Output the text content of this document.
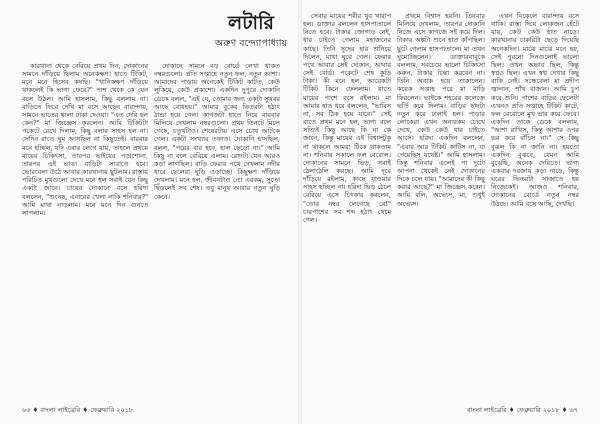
কারখানা থেকে বেরিয়ে প্রথম দিন, দোকানের সামনে দাঁড়িয়ে ছিলাম অনেকক্ষণ। হাতে টিকিট, মনে মনে হিসেব কষছি। "খানিকক্ষণ দাঁড়িয়ে থাকলেই কি ভাগ্য ফেরে?" পাশ থেকে কে যেন বলে উঠল। আমি হাসলাম, কিছু বললাম না। বাড়িতে ফিরে দেখি মা বসে আছেন বারান্দায়, সামনে ভাতের থালা ঢাকা দেওয়া। "এত দেরি হল কেন?" মা জিজ্ঞেস করলেন। আমি টিকিটটা পকেটে রেখে দিলাম, কিছু বলার সাহস হল না। সেদিন রাতে ঘুম আসছিল না কিছুতেই। বারবার মনে হচ্ছিল, যদি এবার লেগে যায়, তাহলে প্রথমে মায়ের চিকিৎসা, তারপর ভাইয়ের পড়াশোনা, তারপর এই ভাঙা বাড়িটা সারাতে হবে। ভোরবেলা উঠে আবার কারখানায় ছুটলাম। রাস্তায় পরিচিত মুখগুলো দেখে মনে হল সবাই যেন কিছু একটা জানে। চায়ের দোকানে বসে হরিদা বললেন, "শুনেছ, এবারের খেলা নাকি শনিবার?" আমি মাথা নাড়লাম। মনে মনে দিন গুনতে লাগলাম।

দোকানে সামনে বড় বোর্ডে লেখা থাকত নম্বরগুলো। প্রতি সপ্তাহে নতুন ফল, নতুন আশা। আমাদের পাড়ায় অনেকেই টিকিট কাটত, কেউ লুকিয়ে, কেউ প্রকাশ্যে। একদিন দুপুরে দোকানি ডেকে বলল, "এই যে, তোমার জন্য একটা সুখবর আছে বোধহয়।" আমার বুকের ভিতরটা হঠাৎ ঠান্ডা হয়ে গেল। কাগজটা হাতে নিয়ে বারবার মিলিয়ে দেখলাম নম্বরগুলো। প্রথম তিনটে মিলে গেছে, চতুর্থটাও। শেষেরটায় এসে চোখ আটকে গেল। একটা সংখ্যার তফাত। দোকানি হাসছিল, বলল, "পরের বার হবে, হাল ছেড়ো না।" আমি কিছু না বলে বেরিয়ে এলাম। রোদটা যেন আরও কড়া লাগছিল। বাড়ি ফেরার পথে দেখলাম নদীর ধারে ছেলেরা ঘুড়ি ওড়াচ্ছে। কিছুক্ষণ দাঁড়িয়ে দেখলাম। মনে হল, জীবনটাও তো এরকম, সুতো ছিঁড়লেই সব শেষ। তবু মানুষ আবার নতুন ঘুড়ি কেনে।

৬৬ ♦ বাংলা লাইব্রেরি ♦ ফেব্রুয়ারি ২০১৮

সেবার মায়ের শরীর খুব খারাপ হল। ডাক্তার বললেন হাসপাতালে নিতে হবে। টাকার জোগাড় নেই, ধার চাইতে গেলাম মহাজনের কাছে। তিনি সুদের হার শুনিয়ে দিলেন, মাথা ঘুরে গেল। ফেরার পথে আবার সেই দোকান, আবার সেই বোর্ড। পকেটে শেষ কুড়ি টাকা। কী মনে হল, আরেকটা টিকিট কিনে ফেললাম। রাতে মায়ের পাশে বসে রইলাম। মা আমার হাত ধরে বললেন, "ভাবিস না, সব ঠিক হয়ে যাবে।" সেই রাতে প্রথম মনে হল, ভাগ্য বলে সত্যিই কিছু আছে কি না কে জানে, কিন্তু মায়ের এই বিশ্বাসটুকু না থাকলে আমরা টিকে থাকতাম না। শনিবার সকালে ফল বেরোল। দোকানের সামনে ভিড়, সবাই ঠেলাঠেলি করছে। আমি দূরে দাঁড়িয়ে রইলাম, কাছে যাওয়ার সাহস হচ্ছিল না। হরিদা ভিড় ঠেলে বেরিয়ে এসে চিৎকার করলেন, "তোর নম্বর লেগেছে রে!" চারপাশের সব শব্দ হঠাৎ থেমে গেল।

প্রথমে বিশ্বাস হয়নি। তিনবার মিলিয়ে দেখলাম, তারপর দোকানি নিজে এসে কাগজে সই করে দিল। টাকার অঙ্কটা শুনে হাত কাঁপছিল। ছুটে গেলাম হাসপাতালে। মা তখন ঘুমোচ্ছিলেন। ডাক্তারবাবুকে বললাম, সবচেয়ে ভালো চিকিৎসা করুন, টাকার চিন্তা করবেন না। তিনি অবাক হয়ে তাকালেন। কয়েক সপ্তাহ পরে মা বাড়ি ফিরলেন। ভাইকে শহরের কলেজে ভর্তি করে দিলাম। বাড়ির ছাদটা নতুন করে ঢালাই হল। পাড়ার লোকেরা এখন অন্যরকম চোখে দেখে, কেউ কেউ ধার চাইতে আসে। হরিদা একদিন বললেন, "এবার আর টিকিট কাটিস না, যা পেয়েছিস যথেষ্ট।" আমি হাসলাম। কিন্তু শনিবার এলেই পা দুটো আপনা থেকেই সেই দোকানের দিকে চলে যায়। "আমাদের কী কিছু করার আছে?" মা জিজ্ঞেস করেন। আমি বলি, অভ্যেস, মা, শুধুই অভ্যেস।

এখন বিকেলে বারান্দায় বসে থাকি। রাস্তা দিয়ে লোকজন হেঁটে যায়, কেউ কেউ হাত নাড়ে। কারখানার চাকরিটা ছেড়ে দিয়েছি অনেকদিন। মাঝে মাঝে মনে হয়, সেই পুরনো দিনগুলোই ভালো ছিল। তখন অভাব ছিল, কিন্তু স্বপ্নও ছিল। এখন স্বপ্ন দেখার কিছু বাকি নেই। সন্ধেবেলা মা প্রদীপ জ্বালান, শাঁখ বাজান। আমি চুপ করে শুনি। পাশের বাড়ির ছেলেটা এখনও প্রতি সপ্তাহে টিকিট কাটে, ফল বেরোলে মুখ ভার করে ফেরে। একদিন তাকে ডেকে বললাম, "আশা রাখিস, কিন্তু আশার ওপর ভর করে বাঁচিস না।" সে কিছু বুঝল কি না জানি না। হয়তো একদিন বুঝবে, যেমন আমি বুঝেছি, অনেক দেরিতে। ভাগ্য একবার দরজায় কড়া নাড়ে, কিন্তু ঘরের ভিতরটা সাজাতে হয় নিজেকেই। আজও শনিবার, দোকানের বোর্ডে নতুন নম্বর উঠছে। আমি বসে আছি, দেখছি।

বাংলা লাইব্রেরি ♦ ফেব্রুয়ারি ২০১৮ ♦ ৬৭
লটারি
অরুণ বন্দ্যোপাধ্যায়
